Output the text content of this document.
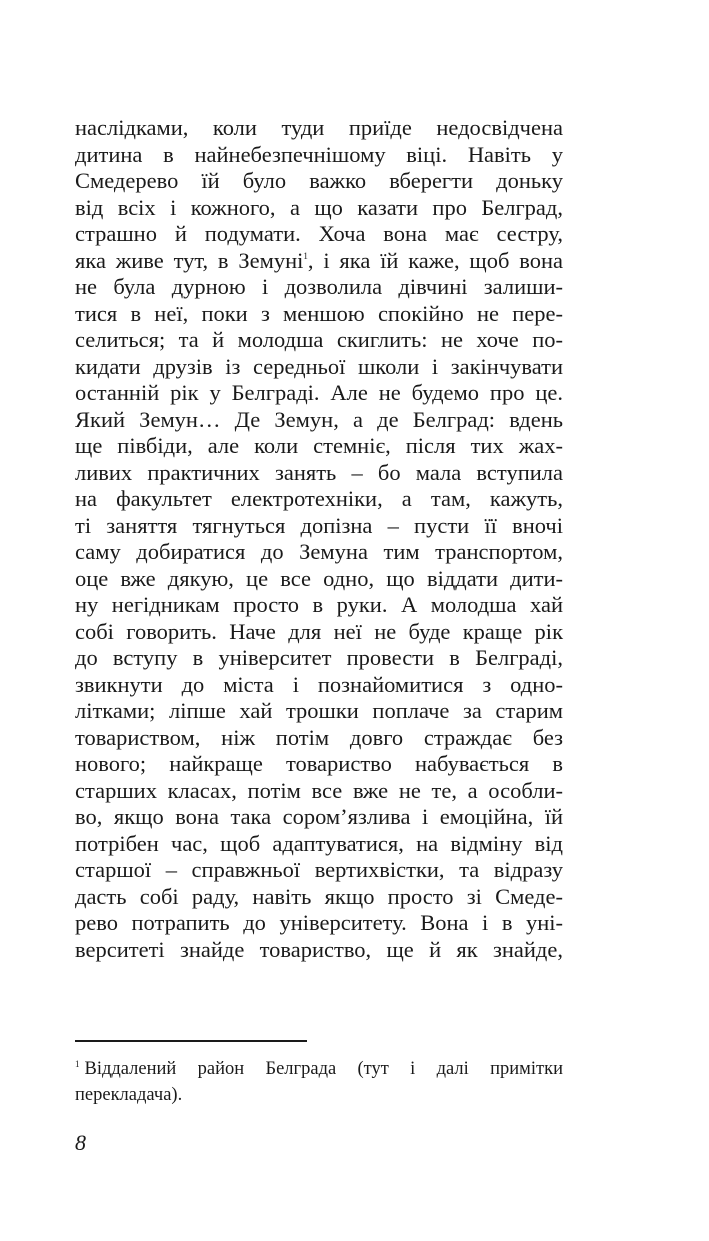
наслідками, коли туди приїде недосвідчена
дитина в найнебезпечнішому віці. Навіть у
Смедерево їй було важко вберегти доньку
від всіх і кожного, а що казати про Белград,
страшно й подумати. Хоча вона має сестру,
яка живе тут, в Земуні$^1$, і яка їй каже, щоб вона
не була дурною і дозволила дівчині залиши-
тися в неї, поки з меншою спокійно не пере-
селиться; та й молодша скиглить: не хоче по-
кидати друзів із середньої школи і закінчувати
останній рік у Белграді. Але не будемо про це.
Який Земун… Де Земун, а де Белград: вдень
ще півбіди, але коли стемніє, після тих жах-
ливих практичних занять – бо мала вступила
на факультет електротехніки, а там, кажуть,
ті заняття тягнуться допізна – пусти її вночі
саму добиратися до Земуна тим транспортом,
оце вже дякую, це все одно, що віддати дити-
ну негідникам просто в руки. А молодша хай
собі говорить. Наче для неї не буде краще рік
до вступу в університет провести в Белграді,
звикнути до міста і познайомитися з одно-
літками; ліпше хай трошки поплаче за старим
товариством, ніж потім довго страждає без
нового; найкраще товариство набувається в
старших класах, потім все вже не те, а особли-
во, якщо вона така сором’язлива і емоційна, їй
потрібен час, щоб адаптуватися, на відміну від
старшої – справжньої вертихвістки, та відразу
дасть собі раду, навіть якщо просто зі Смеде-
рево потрапить до університету. Вона і в уні-
верситеті знайде товариство, ще й як знайде,
$^1$ Віддалений район Белграда (тут і далі примітки
перекладача).
8
